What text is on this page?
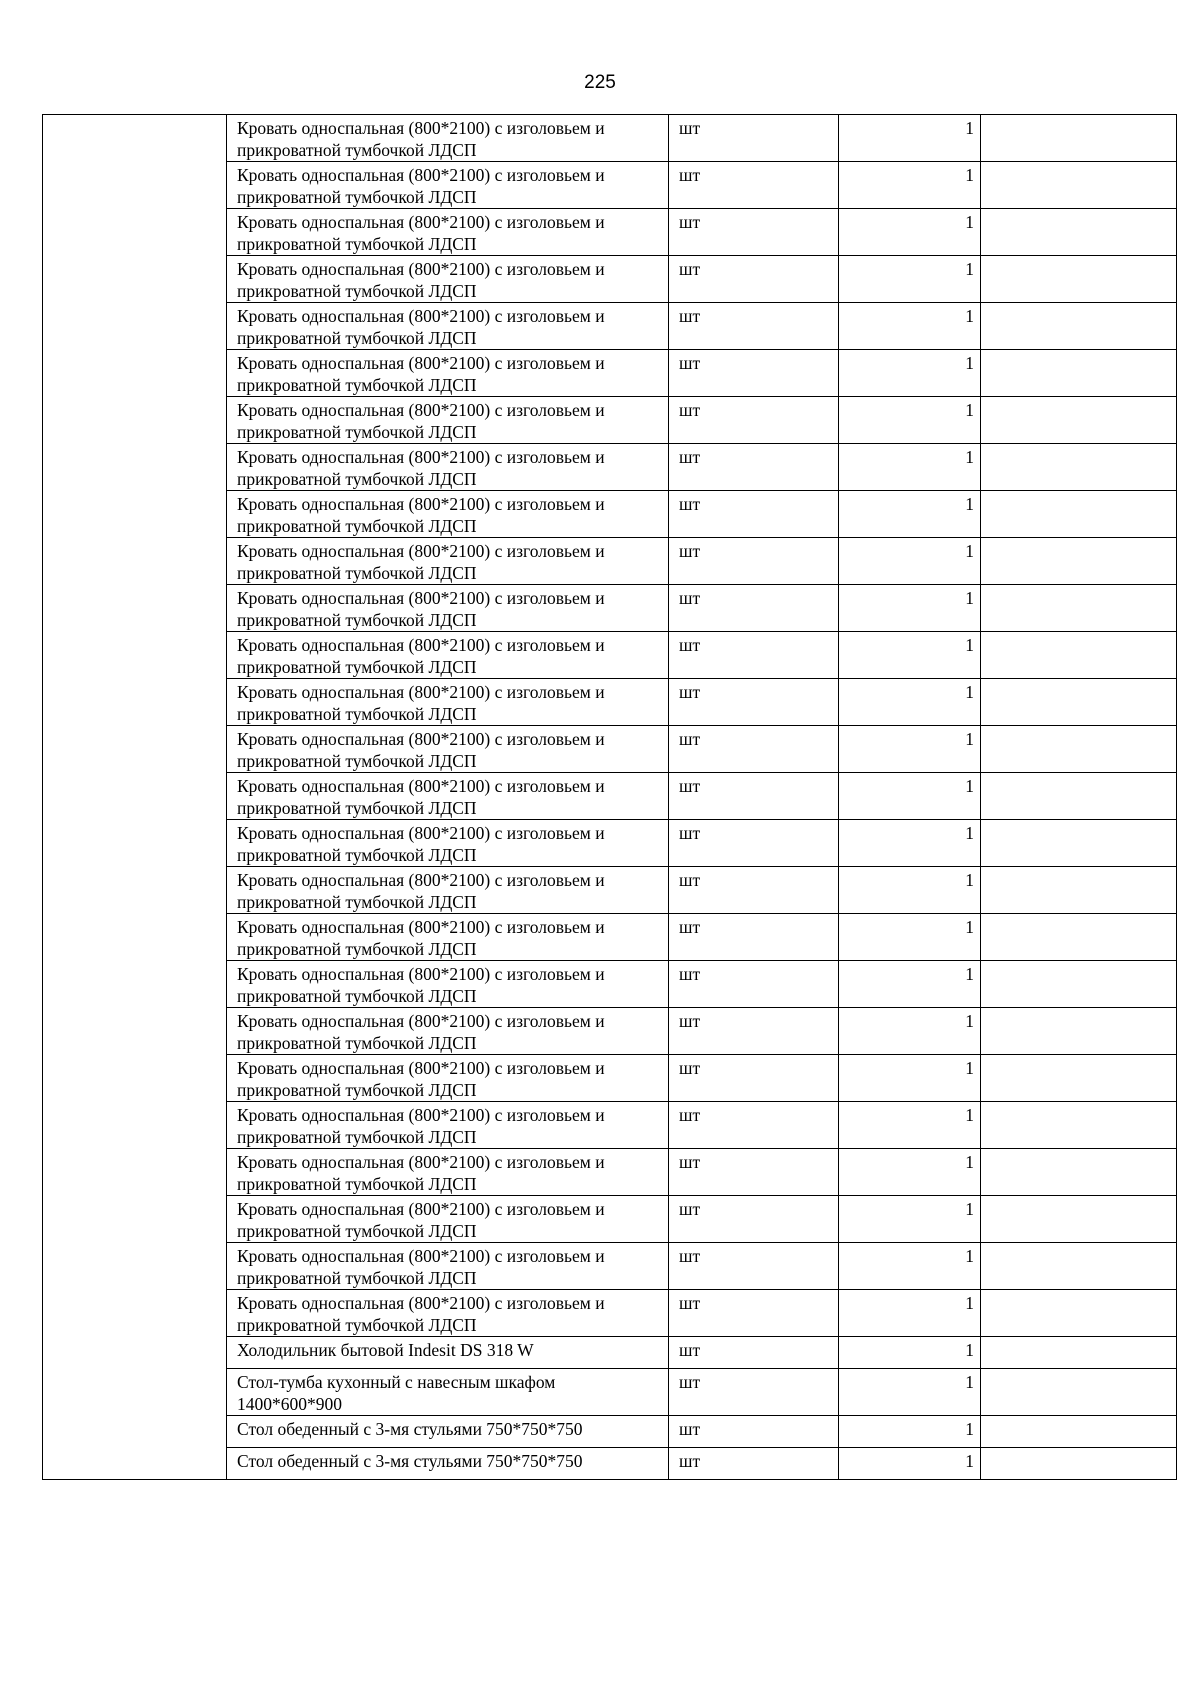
225
	Кровать односпальная (800*2100) с изголовьем и прикроватной тумбочкой ЛДСП	шт	1	
	Кровать односпальная (800*2100) с изголовьем и прикроватной тумбочкой ЛДСП	шт	1	
	Кровать односпальная (800*2100) с изголовьем и прикроватной тумбочкой ЛДСП	шт	1	
	Кровать односпальная (800*2100) с изголовьем и прикроватной тумбочкой ЛДСП	шт	1	
	Кровать односпальная (800*2100) с изголовьем и прикроватной тумбочкой ЛДСП	шт	1	
	Кровать односпальная (800*2100) с изголовьем и прикроватной тумбочкой ЛДСП	шт	1	
	Кровать односпальная (800*2100) с изголовьем и прикроватной тумбочкой ЛДСП	шт	1	
	Кровать односпальная (800*2100) с изголовьем и прикроватной тумбочкой ЛДСП	шт	1	
	Кровать односпальная (800*2100) с изголовьем и прикроватной тумбочкой ЛДСП	шт	1	
	Кровать односпальная (800*2100) с изголовьем и прикроватной тумбочкой ЛДСП	шт	1	
	Кровать односпальная (800*2100) с изголовьем и прикроватной тумбочкой ЛДСП	шт	1	
	Кровать односпальная (800*2100) с изголовьем и прикроватной тумбочкой ЛДСП	шт	1	
	Кровать односпальная (800*2100) с изголовьем и прикроватной тумбочкой ЛДСП	шт	1	
	Кровать односпальная (800*2100) с изголовьем и прикроватной тумбочкой ЛДСП	шт	1	
	Кровать односпальная (800*2100) с изголовьем и прикроватной тумбочкой ЛДСП	шт	1	
	Кровать односпальная (800*2100) с изголовьем и прикроватной тумбочкой ЛДСП	шт	1	
	Кровать односпальная (800*2100) с изголовьем и прикроватной тумбочкой ЛДСП	шт	1	
	Кровать односпальная (800*2100) с изголовьем и прикроватной тумбочкой ЛДСП	шт	1	
	Кровать односпальная (800*2100) с изголовьем и прикроватной тумбочкой ЛДСП	шт	1	
	Кровать односпальная (800*2100) с изголовьем и прикроватной тумбочкой ЛДСП	шт	1	
	Кровать односпальная (800*2100) с изголовьем и прикроватной тумбочкой ЛДСП	шт	1	
	Кровать односпальная (800*2100) с изголовьем и прикроватной тумбочкой ЛДСП	шт	1	
	Кровать односпальная (800*2100) с изголовьем и прикроватной тумбочкой ЛДСП	шт	1	
	Кровать односпальная (800*2100) с изголовьем и прикроватной тумбочкой ЛДСП	шт	1	
	Кровать односпальная (800*2100) с изголовьем и прикроватной тумбочкой ЛДСП	шт	1	
	Кровать односпальная (800*2100) с изголовьем и прикроватной тумбочкой ЛДСП	шт	1	
	Холодильник бытовой Indesit DS 318 W	шт	1	
	Стол-тумба кухонный с навесным шкафом 1400*600*900	шт	1	
	Стол обеденный с 3-мя стульями 750*750*750	шт	1	
	Стол обеденный с 3-мя стульями 750*750*750	шт	1	
